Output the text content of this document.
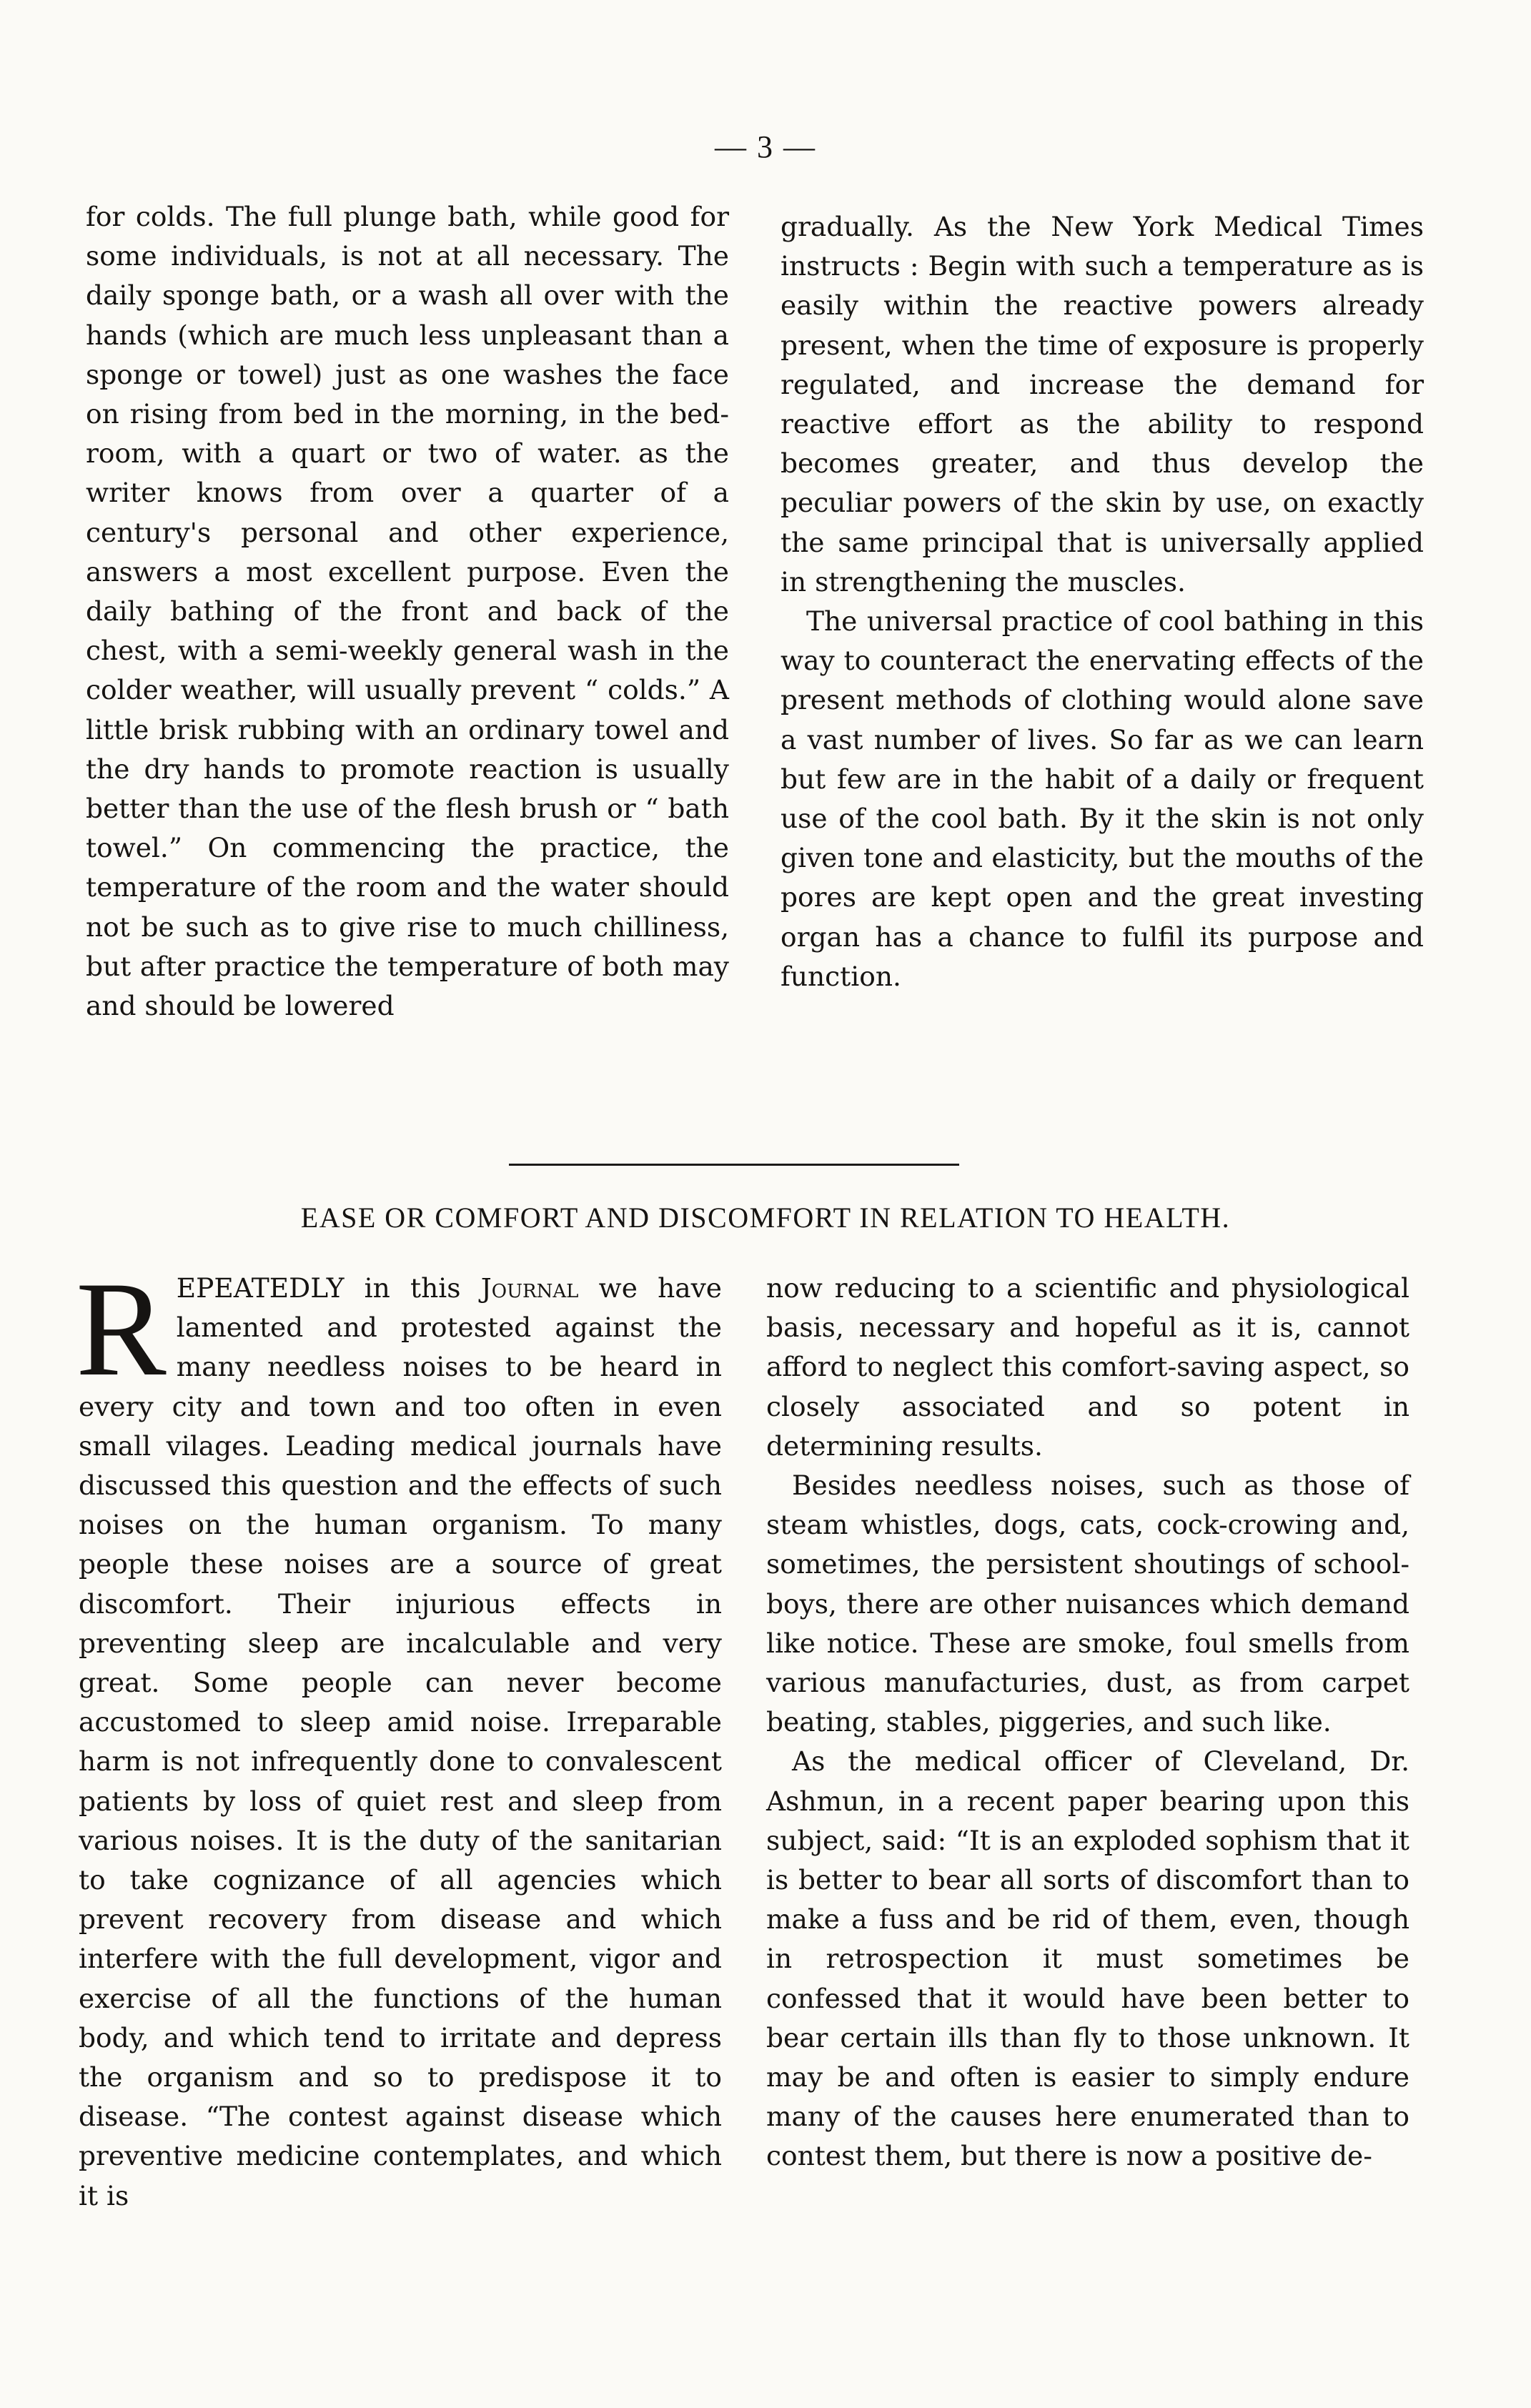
— 3 —

for colds. The full plunge bath, while good for some individuals, is not at all necessary. The daily sponge bath, or a wash all over with the hands (which are much less unpleasant than a sponge or towel) just as one washes the face on rising from bed in the morning, in the bed-room, with a quart or two of water. as the writer knows from over a quarter of a century's personal and other experience, answers a most excellent purpose. Even the daily bathing of the front and back of the chest, with a semi-weekly general wash in the colder weather, will usually prevent “ colds.” A little brisk rubbing with an ordinary towel and the dry hands to promote reaction is usually better than the use of the flesh brush or “ bath towel.” On commencing the practice, the temperature of the room and the water should not be such as to give rise to much chilliness, but after practice the temperature of both may and should be lowered

gradually. As the New York Medical Times instructs : Begin with such a temperature as is easily within the reactive powers already present, when the time of exposure is properly regulated, and increase the demand for reactive effort as the ability to respond becomes greater, and thus develop the peculiar powers of the skin by use, on exactly the same principal that is universally applied in strengthening the muscles.

The universal practice of cool bathing in this way to counteract the enervating effects of the present methods of clothing would alone save a vast number of lives. So far as we can learn but few are in the habit of a daily or frequent use of the cool bath. By it the skin is not only given tone and elasticity, but the mouths of the pores are kept open and the great investing organ has a chance to fulfil its purpose and function.

EASE OR COMFORT AND DISCOMFORT IN RELATION TO HEALTH.

REPEATEDLY in this Journal we have lamented and protested against the many needless noises to be heard in every city and town and too often in even small vilages. Leading medical journals have discussed this question and the effects of such noises on the human organism. To many people these noises are a source of great discomfort. Their injurious effects in preventing sleep are incalculable and very great. Some people can never become accustomed to sleep amid noise. Irreparable harm is not infrequently done to convalescent patients by loss of quiet rest and sleep from various noises. It is the duty of the sanitarian to take cognizance of all agencies which prevent recovery from disease and which interfere with the full development, vigor and exercise of all the functions of the human body, and which tend to irritate and depress the organism and so to predispose it to disease. “The contest against disease which preventive medicine contemplates, and which it is

now reducing to a scientific and physiological basis, necessary and hopeful as it is, cannot afford to neglect this comfort-saving aspect, so closely associated and so potent in determining results.

Besides needless noises, such as those of steam whistles, dogs, cats, cock-crowing and, sometimes, the persistent shoutings of school-boys, there are other nuisances which demand like notice. These are smoke, foul smells from various manufacturies, dust, as from carpet beating, stables, piggeries, and such like.

As the medical officer of Cleveland, Dr. Ashmun, in a recent paper bearing upon this subject, said: “It is an exploded sophism that it is better to bear all sorts of discomfort than to make a fuss and be rid of them, even, though in retrospection it must sometimes be confessed that it would have been better to bear certain ills than fly to those unknown. It may be and often is easier to simply endure many of the causes here enumerated than to contest them, but there is now a positive de-
